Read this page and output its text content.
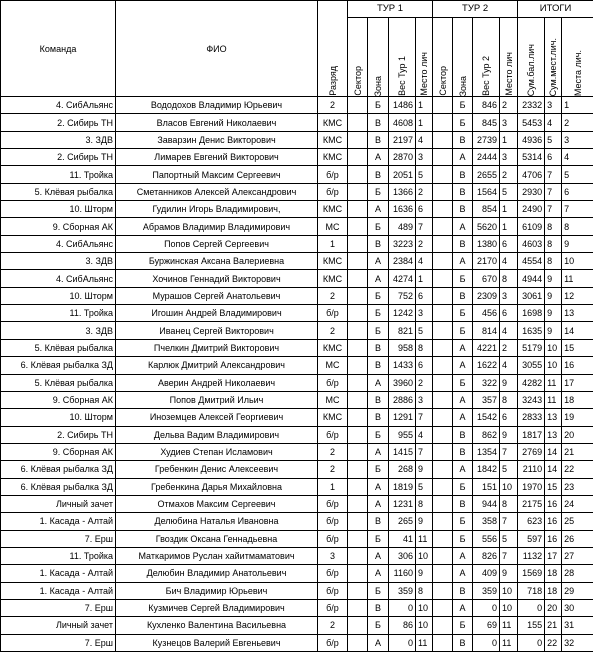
Команда	ФИО	Разряд	ТУР 1				ТУР 2				ИТОГИ		

			Сектор	Зона	Вес Тур 1	Место лич	Сектор	Зона	Вес Тур 2	Место лич	Сум.бал.лич	Сум.мест.лич.	Места лич.

4. СибАльянс	Вододохов Владимир Юрьевич	2		Б	1486	1		Б	846	2	2332	3	1
2. Сибирь ТН	Власов Евгений Николаевич	КМС		В	4608	1		Б	845	3	5453	4	2
3. ЗДВ	Заварзин Денис Викторович	КМС		В	2197	4		В	2739	1	4936	5	3
2. Сибирь ТН	Лимарев Евгений Викторович	КМС		А	2870	3		А	2444	3	5314	6	4
11. Тройка	Папортный Максим Сергеевич	б/р		В	2051	5		В	2655	2	4706	7	5
5. Клёвая рыбалка	Сметанников Алексей Александрович	б/р		Б	1366	2		В	1564	5	2930	7	6
10. Шторм	Гудилин Игорь Владимирович,	КМС		А	1636	6		В	854	1	2490	7	7
9. Сборная АК	Абрамов Владимир Владимирович	МС		Б	489	7		А	5620	1	6109	8	8
4. СибАльянс	Попов Сергей Сергеевич	1		В	3223	2		В	1380	6	4603	8	9
3. ЗДВ	Буржинская Аксана Валериевна	КМС		А	2384	4		А	2170	4	4554	8	10
4. СибАльянс	Хочинов Геннадий Викторович	КМС		А	4274	1		Б	670	8	4944	9	11
10. Шторм	Мурашов Сергей Анатольевич	2		Б	752	6		В	2309	3	3061	9	12
11. Тройка	Игошин Андрей Владимирович	б/р		Б	1242	3		Б	456	6	1698	9	13
3. ЗДВ	Иванец Сергей Викторович	2		Б	821	5		Б	814	4	1635	9	14
5. Клёвая рыбалка	Пчелкин Дмитрий Викторович	КМС		В	958	8		А	4221	2	5179	10	15
6. Клёвая рыбалка ЗД	Карлюк Дмитрий Александрович	МС		В	1433	6		А	1622	4	3055	10	16
5. Клёвая рыбалка	Аверин Андрей Николаевич	б/р		А	3960	2		Б	322	9	4282	11	17
9. Сборная АК	Попов Дмитрий Ильич	МС		В	2886	3		А	357	8	3243	11	18
10. Шторм	Иноземцев Алексей Георгиевич	КМС		В	1291	7		А	1542	6	2833	13	19
2. Сибирь ТН	Дельва Вадим Владимирович	б/р		Б	955	4		В	862	9	1817	13	20
9. Сборная АК	Худиев Степан Исламович	2		А	1415	7		В	1354	7	2769	14	21
6. Клёвая рыбалка ЗД	Гребенкин Денис Алексеевич	2		Б	268	9		А	1842	5	2110	14	22
6. Клёвая рыбалка ЗД	Гребенкина Дарья Михайловна	1		А	1819	5		Б	151	10	1970	15	23
Личный зачет	Отмахов Максим Сергеевич	б/р		А	1231	8		В	944	8	2175	16	24
1. Касада - Алтай	Делюбина Наталья Ивановна	б/р		В	265	9		Б	358	7	623	16	25
7. Ерш	Гвоздик Оксана Геннадьевна	б/р		Б	41	11		Б	556	5	597	16	26
11. Тройка	Маткаримов Руслан хайитмаматович	3		А	306	10		А	826	7	1132	17	27
1. Касада - Алтай	Делюбин Владимир Анатольевич	б/р		А	1160	9		А	409	9	1569	18	28
1. Касада - Алтай	Бич Владимир Юрьевич	б/р		Б	359	8		В	359	10	718	18	29
7. Ерш	Кузмичев Сергей Владимирович	б/р		В	0	10		А	0	10	0	20	30
Личный зачет	Кухленко Валентина Васильевна	2		Б	86	10		Б	69	11	155	21	31
7. Ерш	Кузнецов Валерий Евгеньевич	б/р		А	0	11		В	0	11	0	22	32
